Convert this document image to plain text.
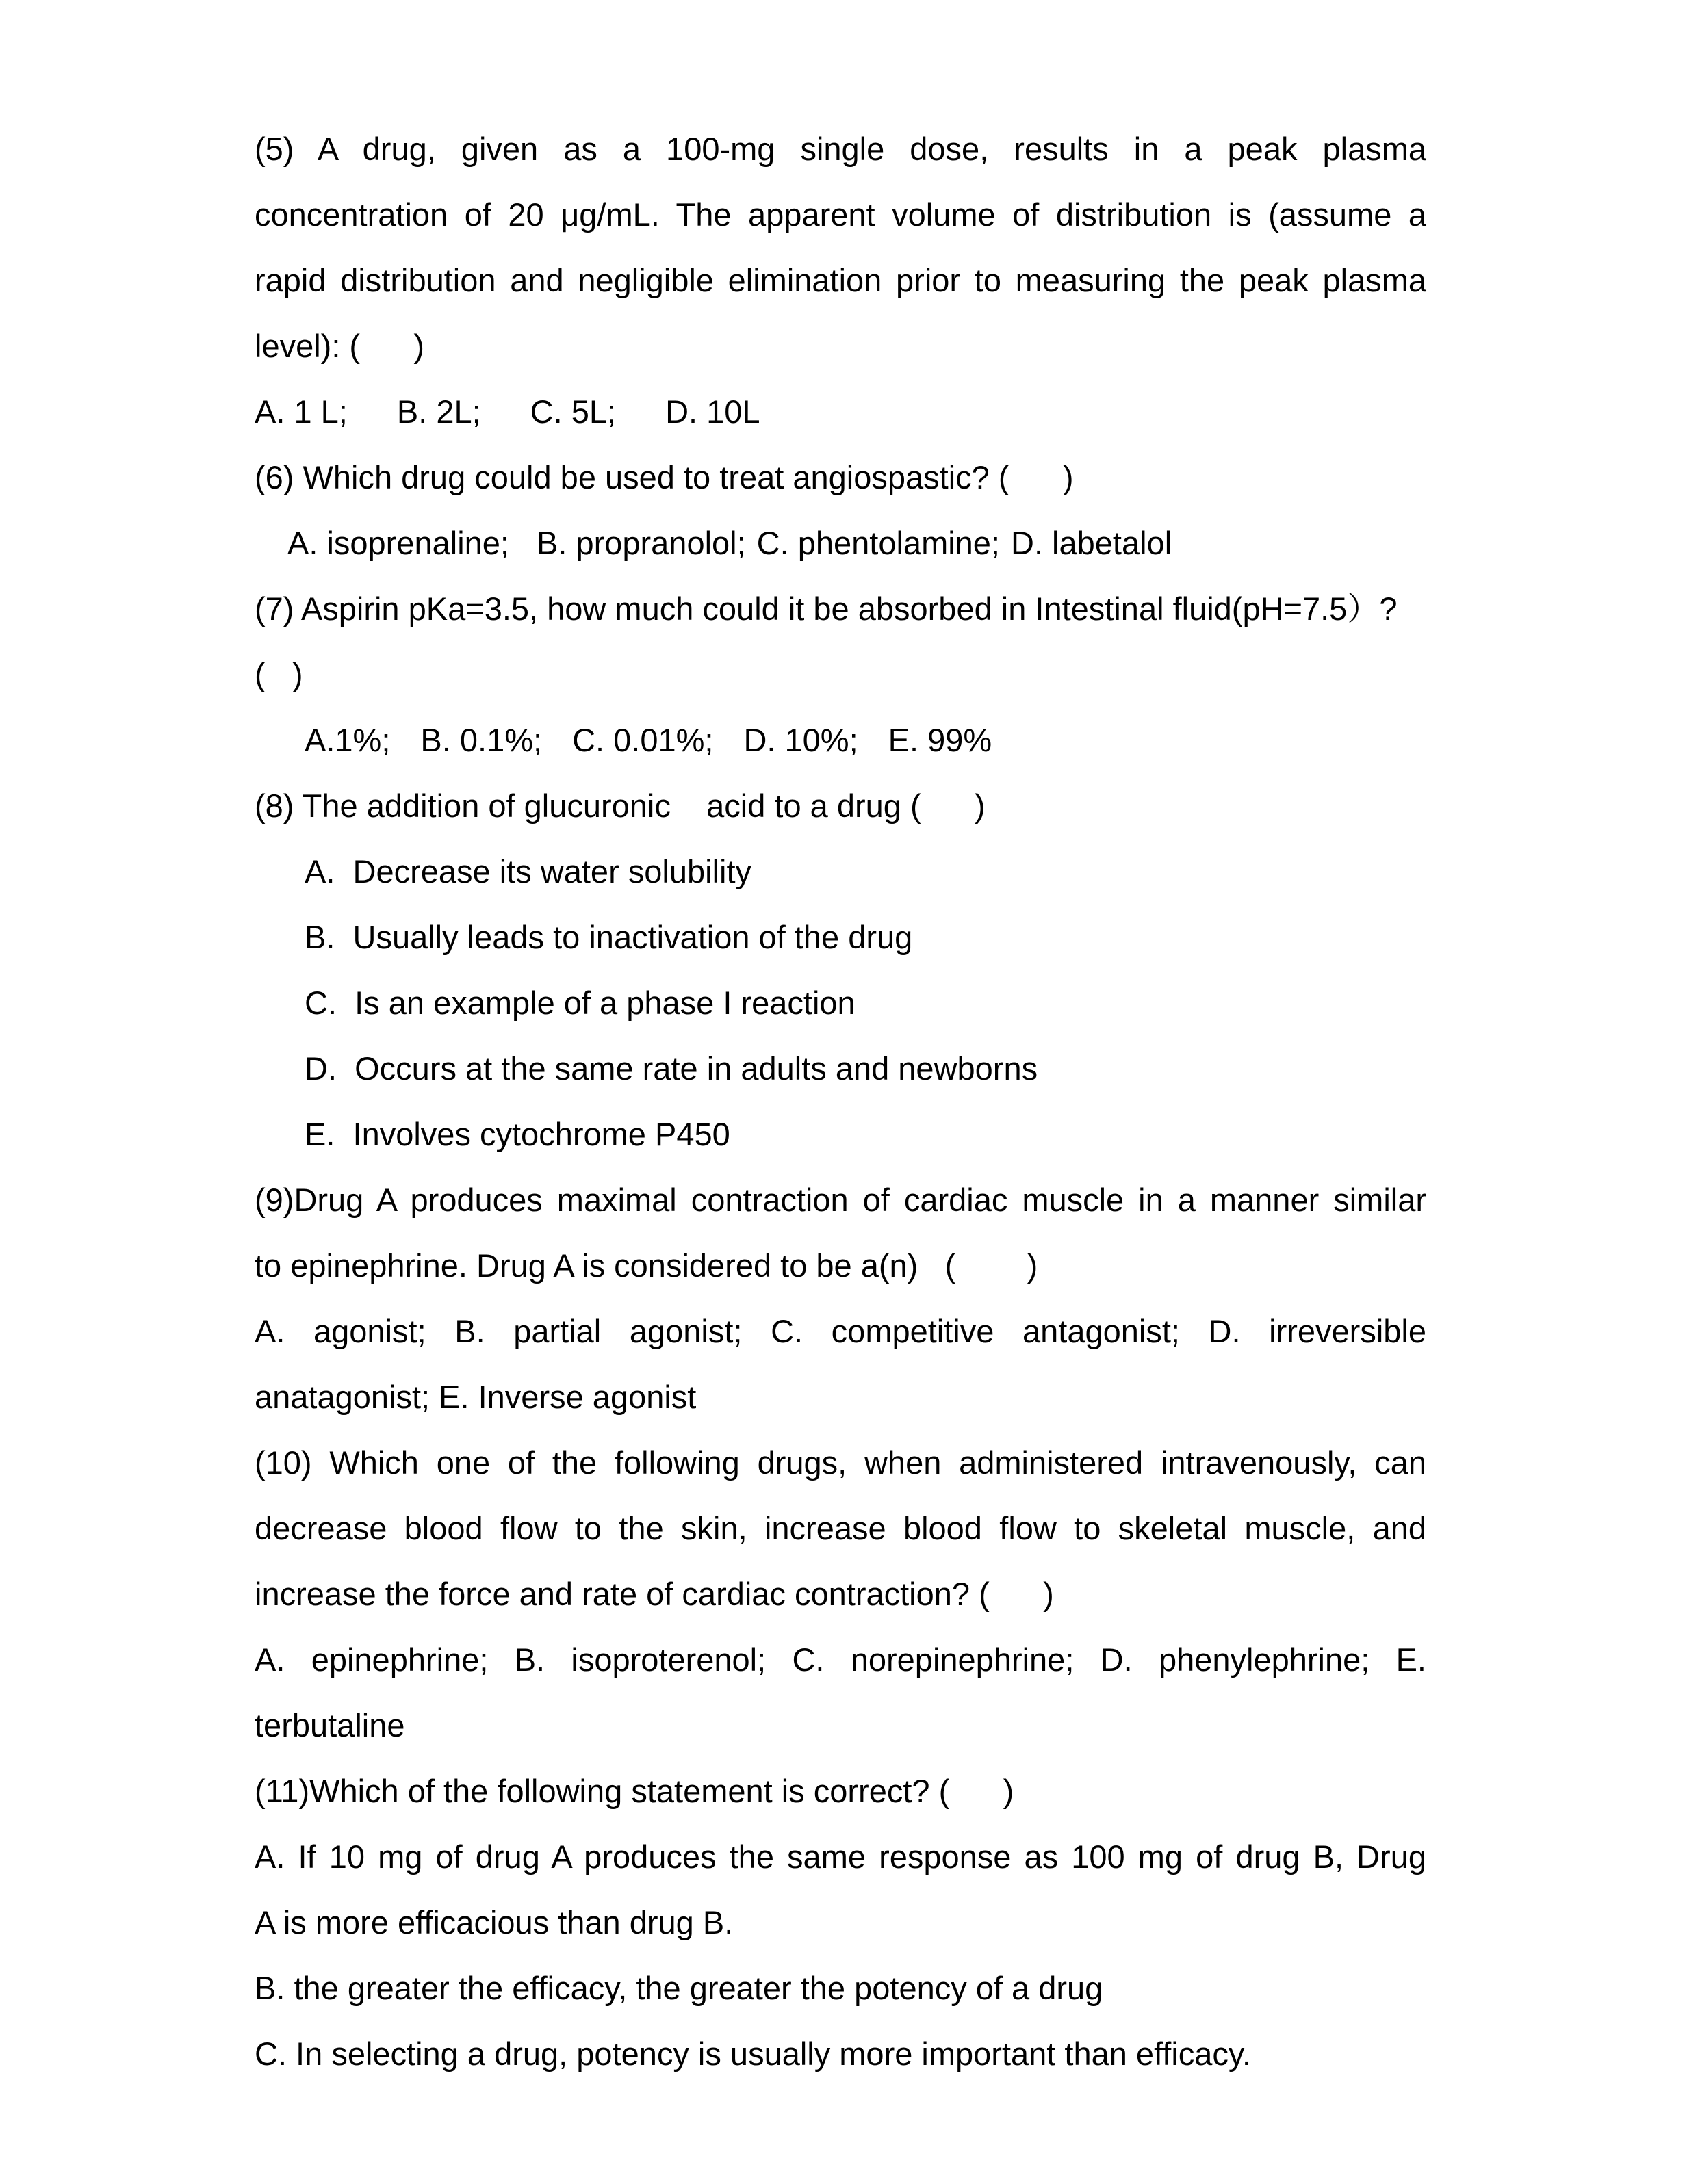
(5) A drug, given as a 100-mg single dose, results in a peak plasma
concentration of 20 μg/mL. The apparent volume of distribution is (assume a
rapid distribution and negligible elimination prior to measuring the peak plasma
level): (      )
A. 1 L; B. 2L; C. 5L; D. 10L
(6) Which drug could be used to treat angiospastic? (      )
A. isoprenaline; B. propranolol; C. phentolamine; D. labetalol
(7) Aspirin pKa=3.5, how much could it be absorbed in Intestinal fluid(pH=7.5）?
(   )
A.1%; B. 0.1%; C. 0.01%; D. 10%; E. 99%
(8) The addition of glucuronic    acid to a drug (      )
A.  Decrease its water solubility
B.  Usually leads to inactivation of the drug
C.  Is an example of a phase I reaction
D.  Occurs at the same rate in adults and newborns
E.  Involves cytochrome P450
(9)Drug A produces maximal contraction of cardiac muscle in a manner similar
to epinephrine. Drug A is considered to be a(n)   (        )
A. agonist; B. partial agonist; C. competitive antagonist; D. irreversible
anatagonist; E. Inverse agonist
(10) Which one of the following drugs, when administered intravenously, can
decrease blood flow to the skin, increase blood flow to skeletal muscle, and
increase the force and rate of cardiac contraction? (      )
A. epinephrine; B. isoproterenol; C. norepinephrine; D. phenylephrine; E.
terbutaline
(11)Which of the following statement is correct? (      )
A. If 10 mg of drug A produces the same response as 100 mg of drug B, Drug
A is more efficacious than drug B.
B. the greater the efficacy, the greater the potency of a drug
C. In selecting a drug, potency is usually more important than efficacy.
